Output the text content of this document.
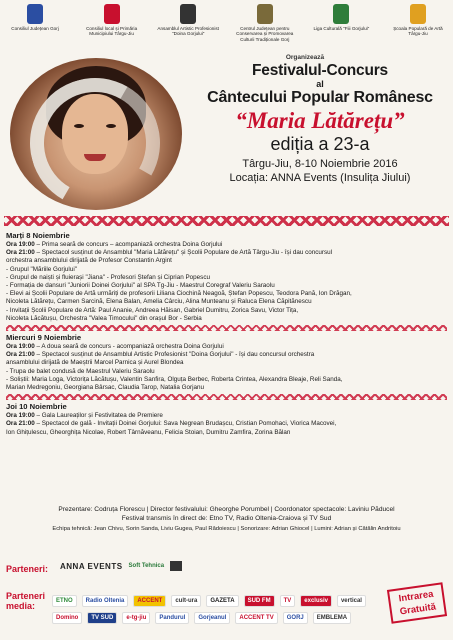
Consiliul Județean Gorj	Consiliul local și Primăria Municipiului Târgu-Jiu
Ansamblul Artistic Profesionist "Doina Gorjului"
Centrul Județean pentru Conservarea și Promovarea Culturii Tradiționale Gorj
Liga Culturală "Fiii Gorjului"	Școala Populară de Artă Târgu-Jiu
Organizează
Festivalul-Concurs
al
Cântecului Popular Românesc
“Maria Lătărețu”
ediția a 23-a
Târgu-Jiu, 8-10 Noiembrie 2016
Locația: ANNA Events (Insulița Jiului)
Marți 8 Noiembrie
Ora 19:00 – Prima seară de concurs – acompaniază orchestra Doina Gorjului
Ora 21:00 – Spectacol susținut de Ansamblul "Maria Lătărețu" și Școlii Populare de Artă Târgu-Jiu - își dau concursul
orchestra ansamblului dirijată de Profesor Constantin Argint
- Grupul "Măriile Gorjului"
- Grupul de naiști și fluierași "Jiana" - Profesori Ștefan și Ciprian Popescu
- Formația de dansuri "Juniorii Doinei Gorjului" al SPA Tg-Jiu - Maestrul Coregraf Valeriu Saraolu
- Elevi ai Școlii Populare de Artă urmăriți de profesorii Liliana Ciochină Neagoă, Ștefan Popescu, Teodora Pană, Ion Drăgan,
Nicoleta Lătărețu, Carmen Sarcină, Elena Balan, Amelia Cârciu, Alina Munteanu și Raluca Elena Căpitănescu
- Invitații Școlii Populare de Artă: Paul Ananie, Andreea Hăisan, Gabriel Dumitru, Zorica Savu, Victor Tița,
Nicoleta Lăcătușu, Orchestra "Valea Timocului" din orașul Bor - Serbia
Miercuri 9 Noiembrie
Ora 19:00 – A doua seară de concurs - acompaniază orchestra Doina Gorjului
Ora 21:00 – Spectacol susținut de Ansamblul Artistic Profesionist "Doina Gorjului" - își dau concursul orchestra
ansamblului dirijată de Maeștrii Marcel Parnica și Aurel Blondea
- Trupa de balet condusă de Maestrul Valeriu Saraolu
- Soliștii: Maria Loga, Victorița Lăcătușu, Valentin Sanfira, Olguța Berbec, Roberta Crintea, Alexandra Bleaje, Reli Sanda,
Marian Medregoniu, Georgiana Bârsac, Claudia Tarop, Natalia Gorjanu
Joi 10 Noiembrie
Ora 19:00 – Gala Laureaților și Festivitatea de Premiere
Ora 21:00 – Spectacol de gală - Invitații Doinei Gorjului: Sava Negrean Brudașcu, Cristian Pomohaci, Viorica Macovei,
Ion Ghițulescu, Gheorghița Nicolae, Robert Târnăveanu, Felicia Stoian, Dumitru Zamfira, Zorina Bălan
Prezentare: Codruța Florescu | Director festivalului: Gheorghe Porumbel | Coordonator spectacole: Laviniu Păducel
Festival transmis în direct de: Etno TV, Radio Oltenia-Craiova și TV Sud
Echipa tehnică: Jean Chivu, Sorin Sanda, Liviu Gugea, Paul Rădoiescu | Sonorizare: Adrian Ghiocel | Lumini: Adrian și Cătălin Andritoiu
Parteneri: ANNA EVENTS Soft Tehnica
Parteneri
media:	ETNO	Radio Oltenia	ACCENT	cult-ura	GAZETA	SUD FM	TV	exclusiv	vertical
Domino	TV SUD	e-tg-jiu	Pandurul	Gorjeanul	ACCENT TV	GORJ	EMBLEMA
Intrarea Gratuită
